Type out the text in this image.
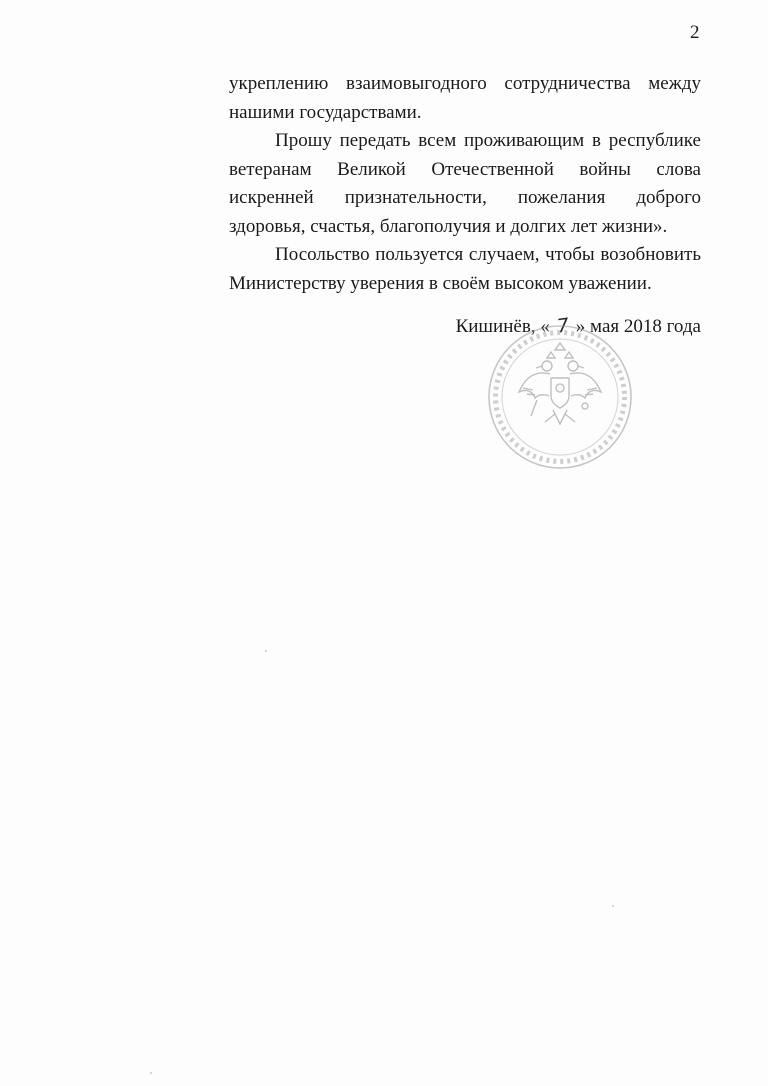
2

укреплению взаимовыгодного сотрудничества между нашими государствами.

Прошу передать всем проживающим в республике ветеранам Великой Отечественной войны слова искренней признательности, пожелания доброго здоровья, счастья, благополучия и долгих лет жизни».

Посольство пользуется случаем, чтобы возобновить Министерству уверения в своём высоком уважении.

Кишинёв, « 7 » мая 2018 года
